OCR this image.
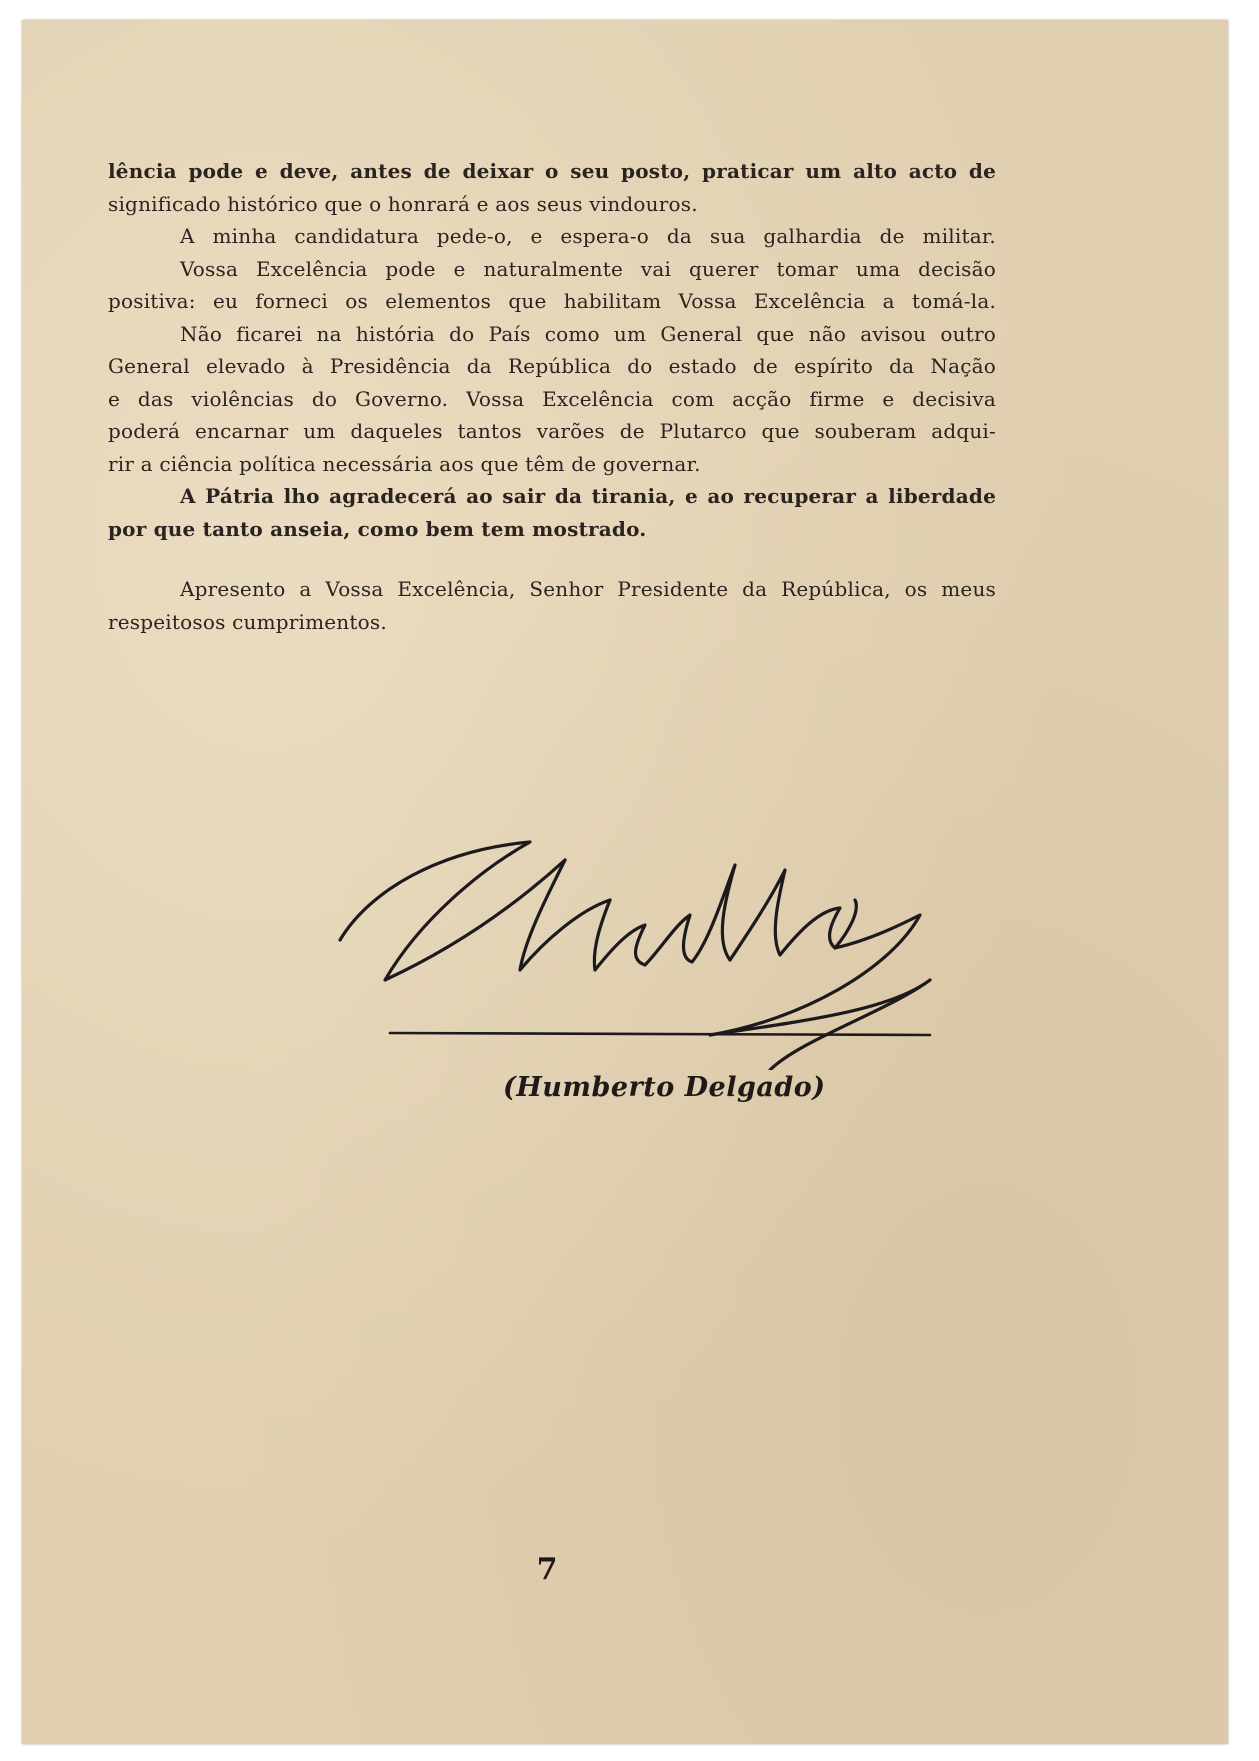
lência pode e deve, antes de deixar o seu posto, praticar um alto acto de
significado histórico que o honrará e aos seus vindouros.
A minha candidatura pede-o, e espera-o da sua galhardia de militar.
Vossa Excelência pode e naturalmente vai querer tomar uma decisão
positiva: eu forneci os elementos que habilitam Vossa Excelência a tomá-la.
Não ficarei na história do País como um General que não avisou outro
General elevado à Presidência da República do estado de espírito da Nação
e das violências do Governo. Vossa Excelência com acção firme e decisiva
poderá encarnar um daqueles tantos varões de Plutarco que souberam adqui-
rir a ciência política necessária aos que têm de governar.
A Pátria lho agradecerá ao sair da tirania, e ao recuperar a liberdade
por que tanto anseia, como bem tem mostrado.
Apresento a Vossa Excelência, Senhor Presidente da República, os meus
respeitosos cumprimentos.
(Humberto Delgado)
7
